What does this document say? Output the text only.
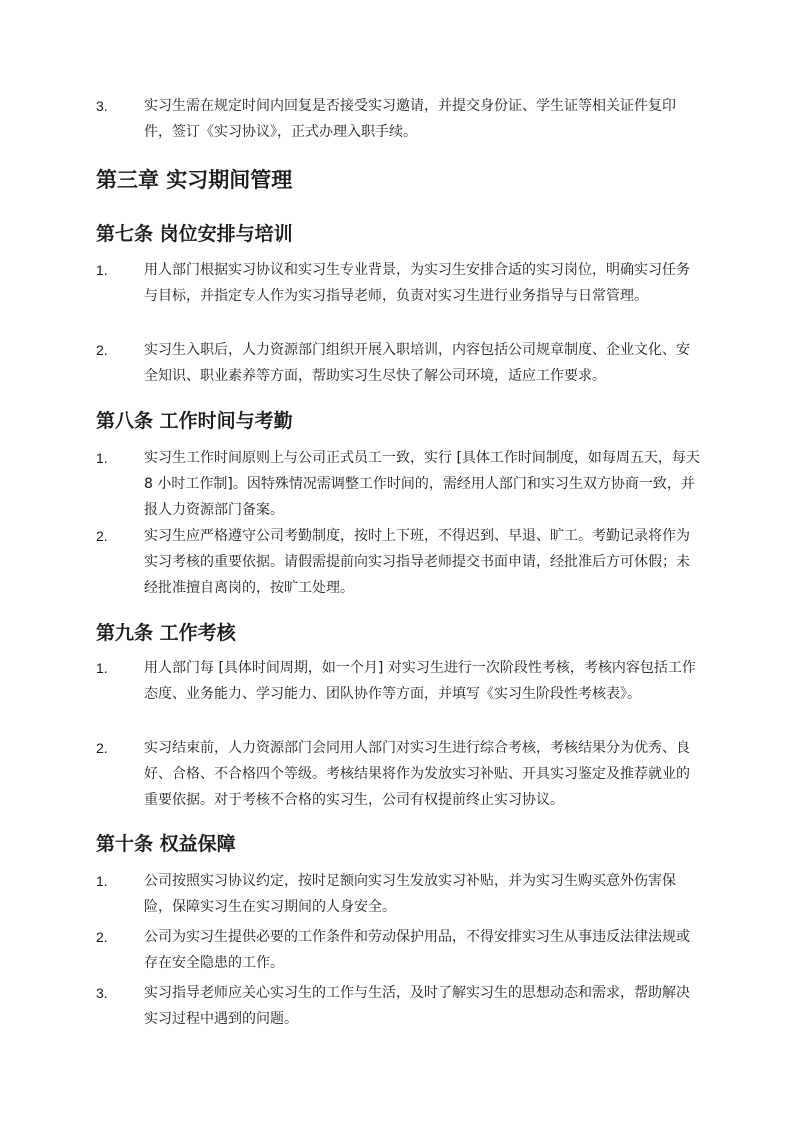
3.	实习生需在规定时间内回复是否接受实习邀请，并提交身份证、学生证等相关证件复印件，签订《实习协议》，正式办理入职手续。
第三章 实习期间管理
第七条 岗位安排与培训
1.	用人部门根据实习协议和实习生专业背景，为实习生安排合适的实习岗位，明确实习任务与目标，并指定专人作为实习指导老师，负责对实习生进行业务指导与日常管理。
2.	实习生入职后，人力资源部门组织开展入职培训，内容包括公司规章制度、企业文化、安全知识、职业素养等方面，帮助实习生尽快了解公司环境，适应工作要求。
第八条 工作时间与考勤
1.	实习生工作时间原则上与公司正式员工一致，实行 [具体工作时间制度，如每周五天，每天 8 小时工作制]。因特殊情况需调整工作时间的，需经用人部门和实习生双方协商一致，并报人力资源部门备案。
2.	实习生应严格遵守公司考勤制度，按时上下班，不得迟到、早退、旷工。考勤记录将作为实习考核的重要依据。请假需提前向实习指导老师提交书面申请，经批准后方可休假；未经批准擅自离岗的，按旷工处理。
第九条 工作考核
1.	用人部门每 [具体时间周期，如一个月] 对实习生进行一次阶段性考核，考核内容包括工作态度、业务能力、学习能力、团队协作等方面，并填写《实习生阶段性考核表》。
2.	实习结束前，人力资源部门会同用人部门对实习生进行综合考核，考核结果分为优秀、良好、合格、不合格四个等级。考核结果将作为发放实习补贴、开具实习鉴定及推荐就业的重要依据。对于考核不合格的实习生，公司有权提前终止实习协议。
第十条 权益保障
1.	公司按照实习协议约定，按时足额向实习生发放实习补贴，并为实习生购买意外伤害保险，保障实习生在实习期间的人身安全。
2.	公司为实习生提供必要的工作条件和劳动保护用品，不得安排实习生从事违反法律法规或存在安全隐患的工作。
3.	实习指导老师应关心实习生的工作与生活，及时了解实习生的思想动态和需求，帮助解决实习过程中遇到的问题。
